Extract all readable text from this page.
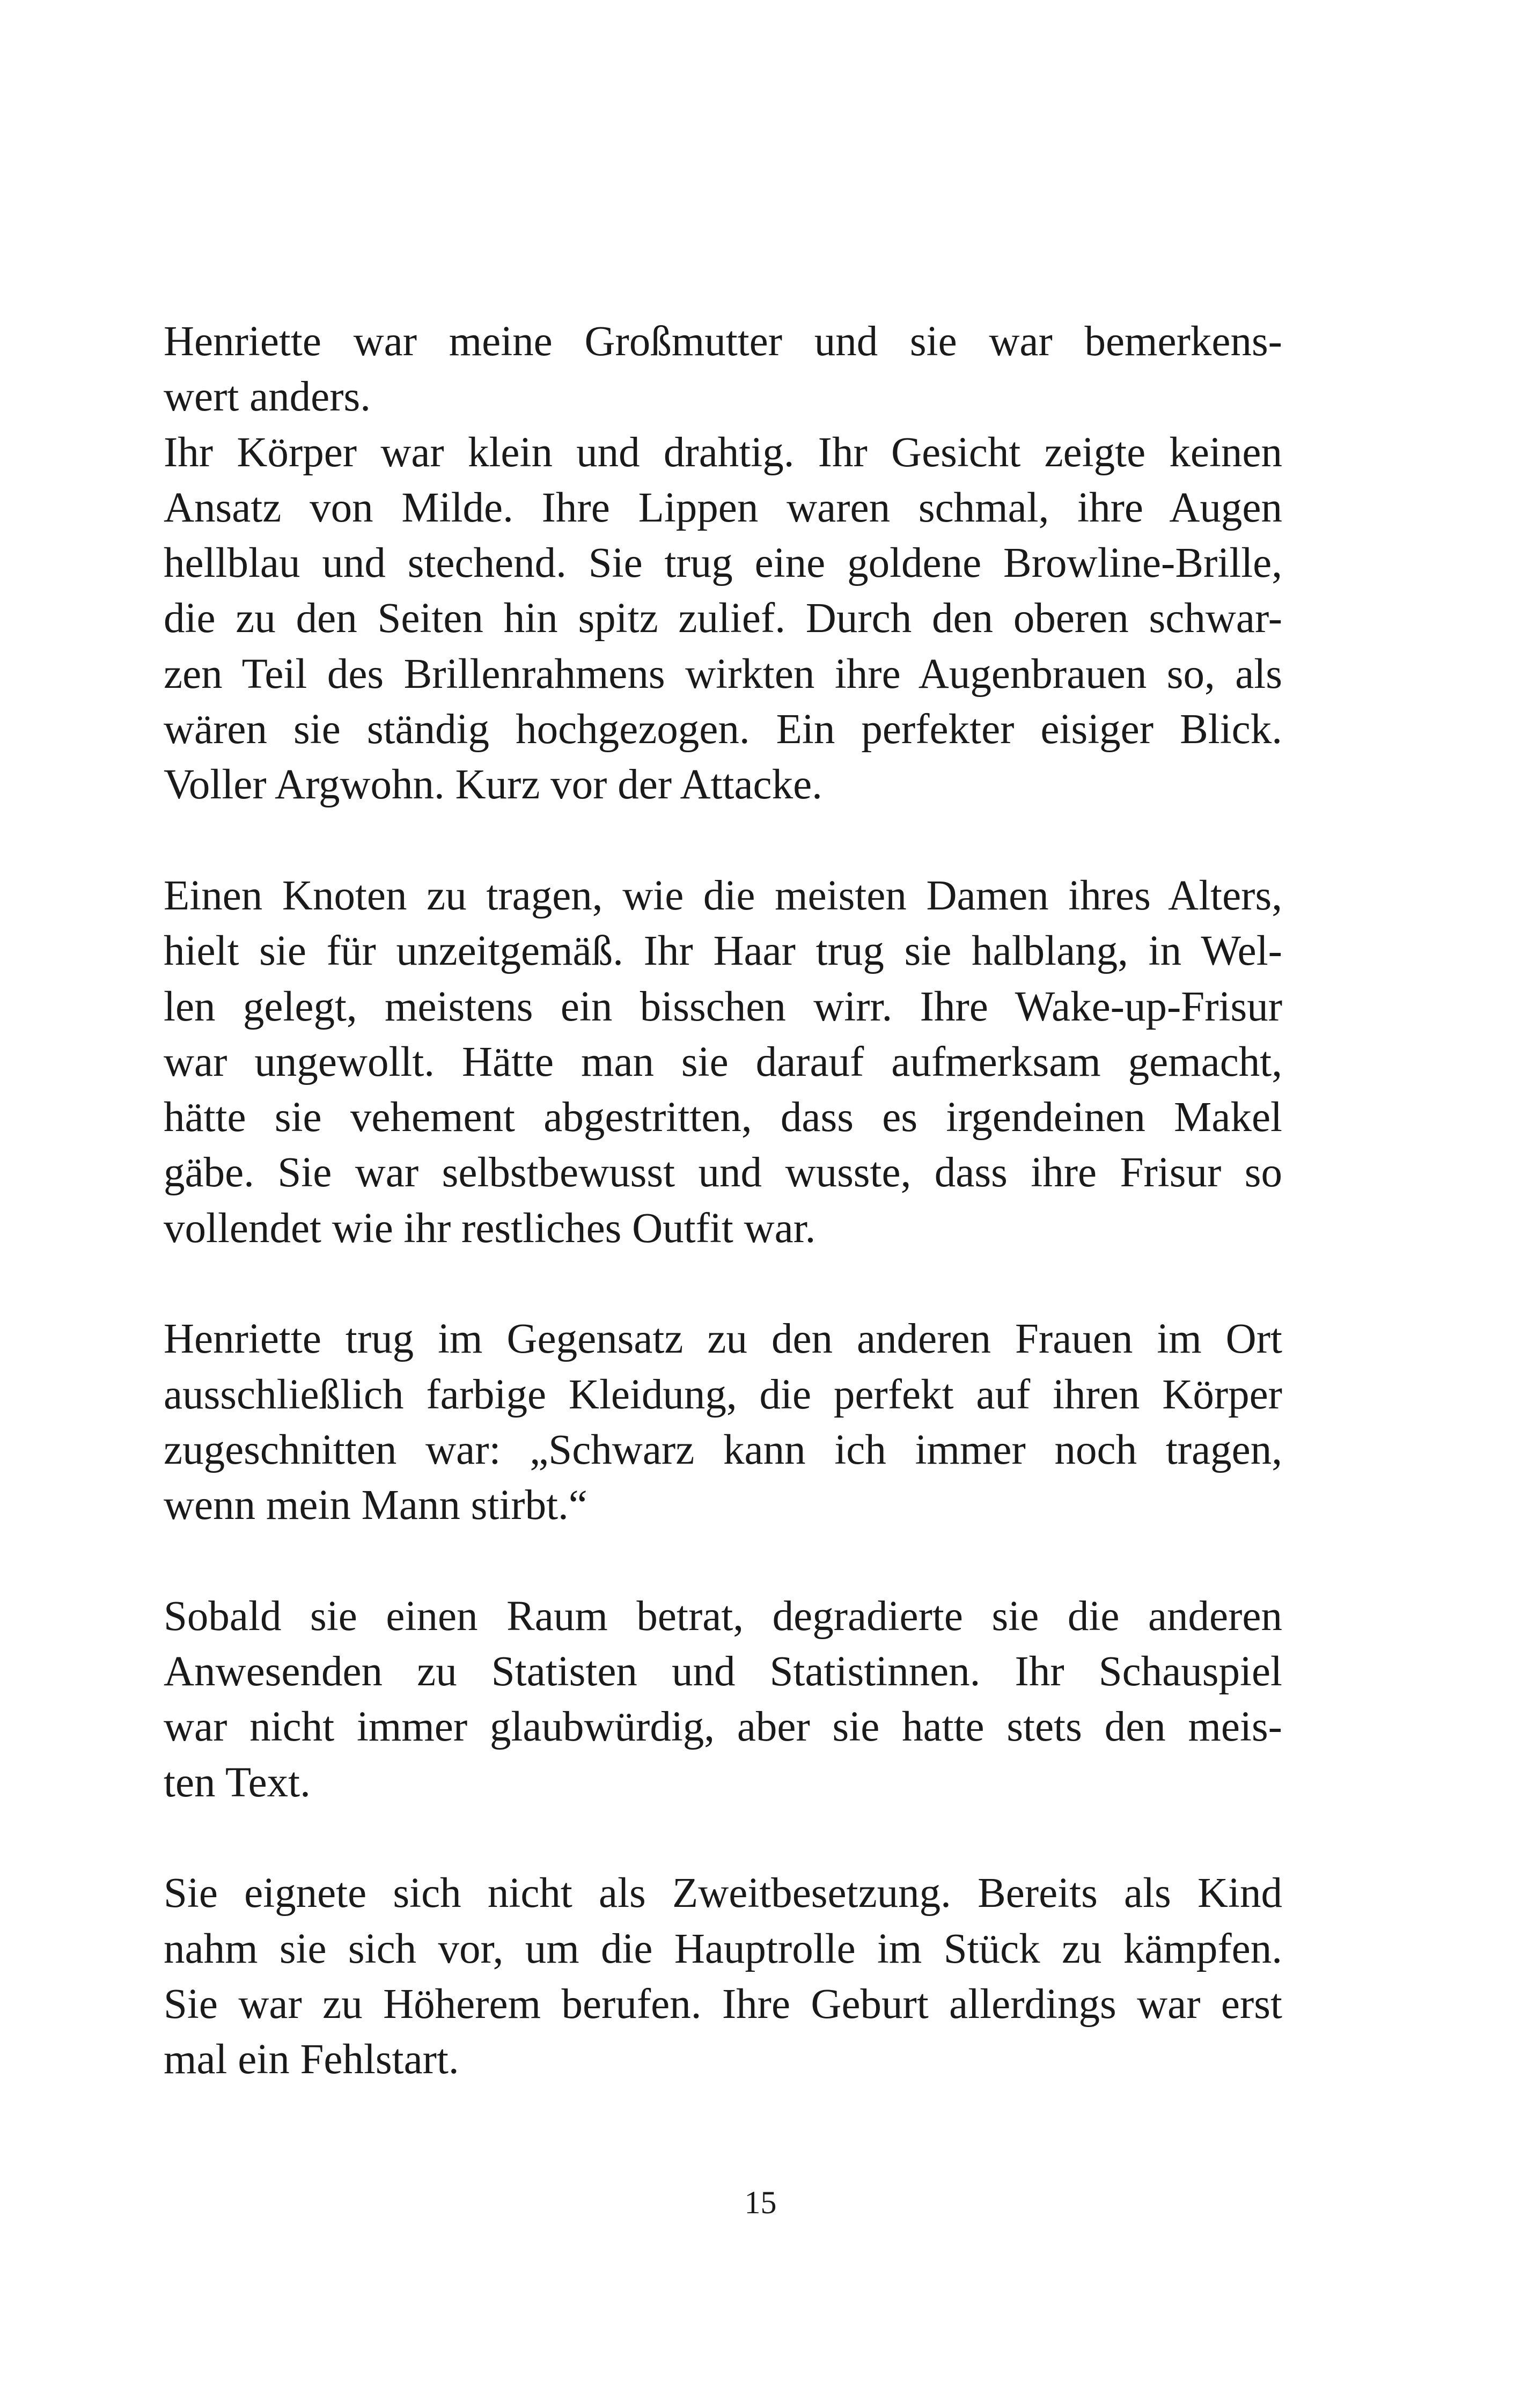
Henriette war meine Großmutter und sie war bemerkens-
wert anders.
Ihr Körper war klein und drahtig. Ihr Gesicht zeigte keinen
Ansatz von Milde. Ihre Lippen waren schmal, ihre Augen
hellblau und stechend. Sie trug eine goldene Browline-Brille,
die zu den Seiten hin spitz zulief. Durch den oberen schwar-
zen Teil des Brillenrahmens wirkten ihre Augenbrauen so, als
wären sie ständig hochgezogen. Ein perfekter eisiger Blick.
Voller Argwohn. Kurz vor der Attacke.
Einen Knoten zu tragen, wie die meisten Damen ihres Alters,
hielt sie für unzeitgemäß. Ihr Haar trug sie halblang, in Wel-
len gelegt, meistens ein bisschen wirr. Ihre Wake-up-Frisur
war ungewollt. Hätte man sie darauf aufmerksam gemacht,
hätte sie vehement abgestritten, dass es irgendeinen Makel
gäbe. Sie war selbstbewusst und wusste, dass ihre Frisur so
vollendet wie ihr restliches Outfit war.
Henriette trug im Gegensatz zu den anderen Frauen im Ort
ausschließlich farbige Kleidung, die perfekt auf ihren Körper
zugeschnitten war: „Schwarz kann ich immer noch tragen,
wenn mein Mann stirbt.“
Sobald sie einen Raum betrat, degradierte sie die anderen
Anwesenden zu Statisten und Statistinnen. Ihr Schauspiel
war nicht immer glaubwürdig, aber sie hatte stets den meis-
ten Text.
Sie eignete sich nicht als Zweitbesetzung. Bereits als Kind
nahm sie sich vor, um die Hauptrolle im Stück zu kämpfen.
Sie war zu Höherem berufen. Ihre Geburt allerdings war erst
mal ein Fehlstart.
15
